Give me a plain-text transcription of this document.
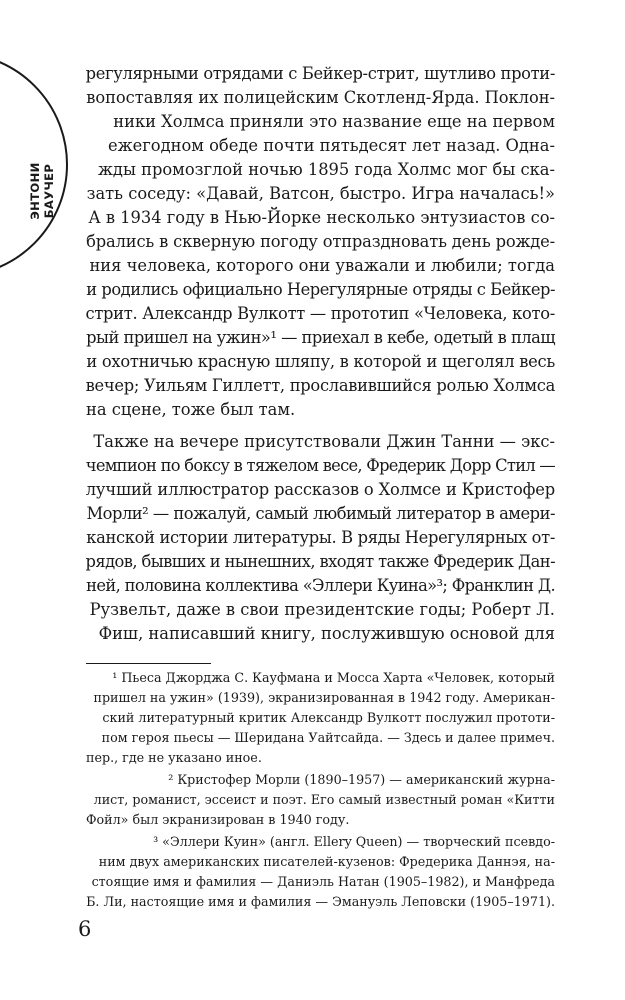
ЭНТОНИ БАУЧЕР
регулярными отрядами с Бейкер-стрит, шутливо проти-
вопоставляя их полицейским Скотленд-Ярда. Поклон-
ники Холмса приняли это название еще на первом
ежегодном обеде почти пятьдесят лет назад. Одна-
жды промозглой ночью 1895 года Холмс мог бы ска-
зать соседу: «Давай, Ватсон, быстро. Игра началась!»
А в 1934 году в Нью-Йорке несколько энтузиастов со-
брались в скверную погоду отпраздновать день рожде-
ния человека, которого они уважали и любили; тогда
и родились официально Нерегулярные отряды с Бейкер-
стрит. Александр Вулкотт — прототип «Человека, кото-
рый пришел на ужин»¹ — приехал в кебе, одетый в плащ
и охотничью красную шляпу, в которой и щеголял весь
вечер; Уильям Гиллетт, прославившийся ролью Холмса
на сцене, тоже был там.
Также на вечере присутствовали Джин Танни — экс-
чемпион по боксу в тяжелом весе, Фредерик Дорр Стил —
лучший иллюстратор рассказов о Холмсе и Кристофер
Морли² — пожалуй, самый любимый литератор в амери-
канской истории литературы. В ряды Нерегулярных от-
рядов, бывших и нынешних, входят также Фредерик Дан-
ней, половина коллектива «Эллери Куина»³; Франклин Д.
Рузвельт, даже в свои президентские годы; Роберт Л.
Фиш, написавший книгу, послужившую основой для
¹ Пьеса Джорджа С. Кауфмана и Мосса Харта «Человек, который
пришел на ужин» (1939), экранизированная в 1942 году. Американ-
ский литературный критик Александр Вулкотт послужил прототи-
пом героя пьесы — Шеридана Уайтсайда. — Здесь и далее примеч.
пер., где не указано иное.
² Кристофер Морли (1890–1957) — американский журна-
лист, романист, эссеист и поэт. Его самый известный роман «Китти
Фойл» был экранизирован в 1940 году.
³ «Эллери Куин» (англ. Ellery Queen) — творческий псевдо-
ним двух американских писателей-кузенов: Фредерика Даннэя, на-
стоящие имя и фамилия — Даниэль Натан (1905–1982), и Манфреда
Б. Ли, настоящие имя и фамилия — Эмануэль Леповски (1905–1971).
6
